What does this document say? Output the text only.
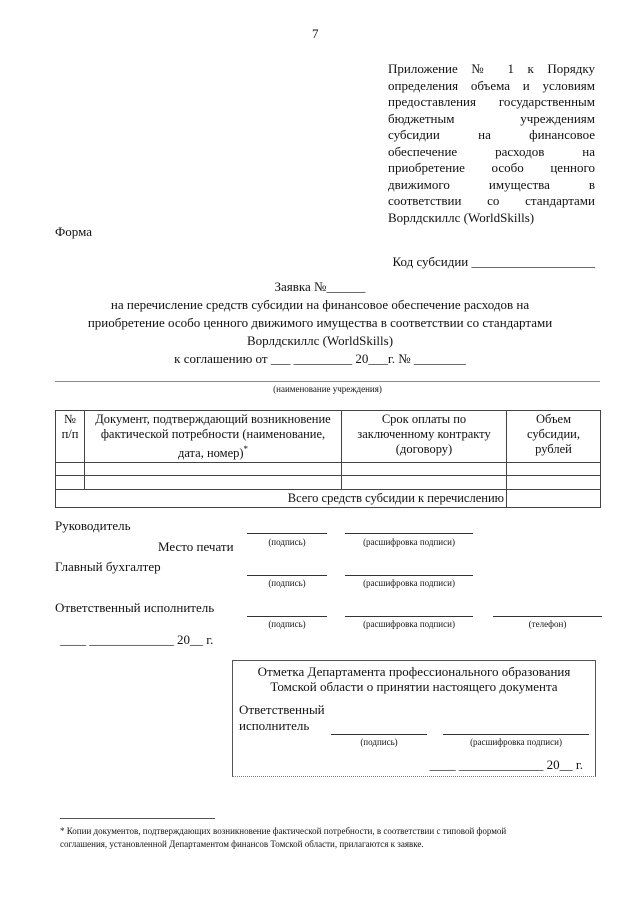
7
Приложение № 1 к Порядку
определения объема и условиям
предоставления государственным
бюджетным учреждениям
субсидии на финансовое
обеспечение расходов на
приобретение особо ценного
движимого имущества в
соответствии со стандартами
Ворлдскиллс (WorldSkills)
Форма
Код субсидии ___________________
Заявка №______
на перечисление средств субсидии на финансовое обеспечение расходов на
приобретение особо ценного движимого имущества в соответствии со стандартами
Ворлдскиллс (WorldSkills)
к соглашению от ___ _________ 20___г. № ________
(наименование учреждения)
№ п/п	Документ, подтверждающий возникновение фактической потребности (наименование, дата, номер)*	Срок оплаты по заключенному контракту (договору)	Объем субсидии, рублей

Всего средств субсидии к перечислению			
Руководитель
(подпись)	(расшифровка подписи)
Место печати
Главный бухгалтер
(подпись)	(расшифровка подписи)
Ответственный исполнитель
(подпись)	(расшифровка подписи)	(телефон)
____ _____________ 20__ г.
Отметка Департамента профессионального образования
Томской области о принятии настоящего документа
Ответственный
исполнитель
(подпись)	(расшифровка подписи)
____ _____________ 20__ г.
* Копии документов, подтверждающих возникновение фактической потребности, в соответствии с типовой формой
соглашения, установленной Департаментом финансов Томской области, прилагаются к заявке.
